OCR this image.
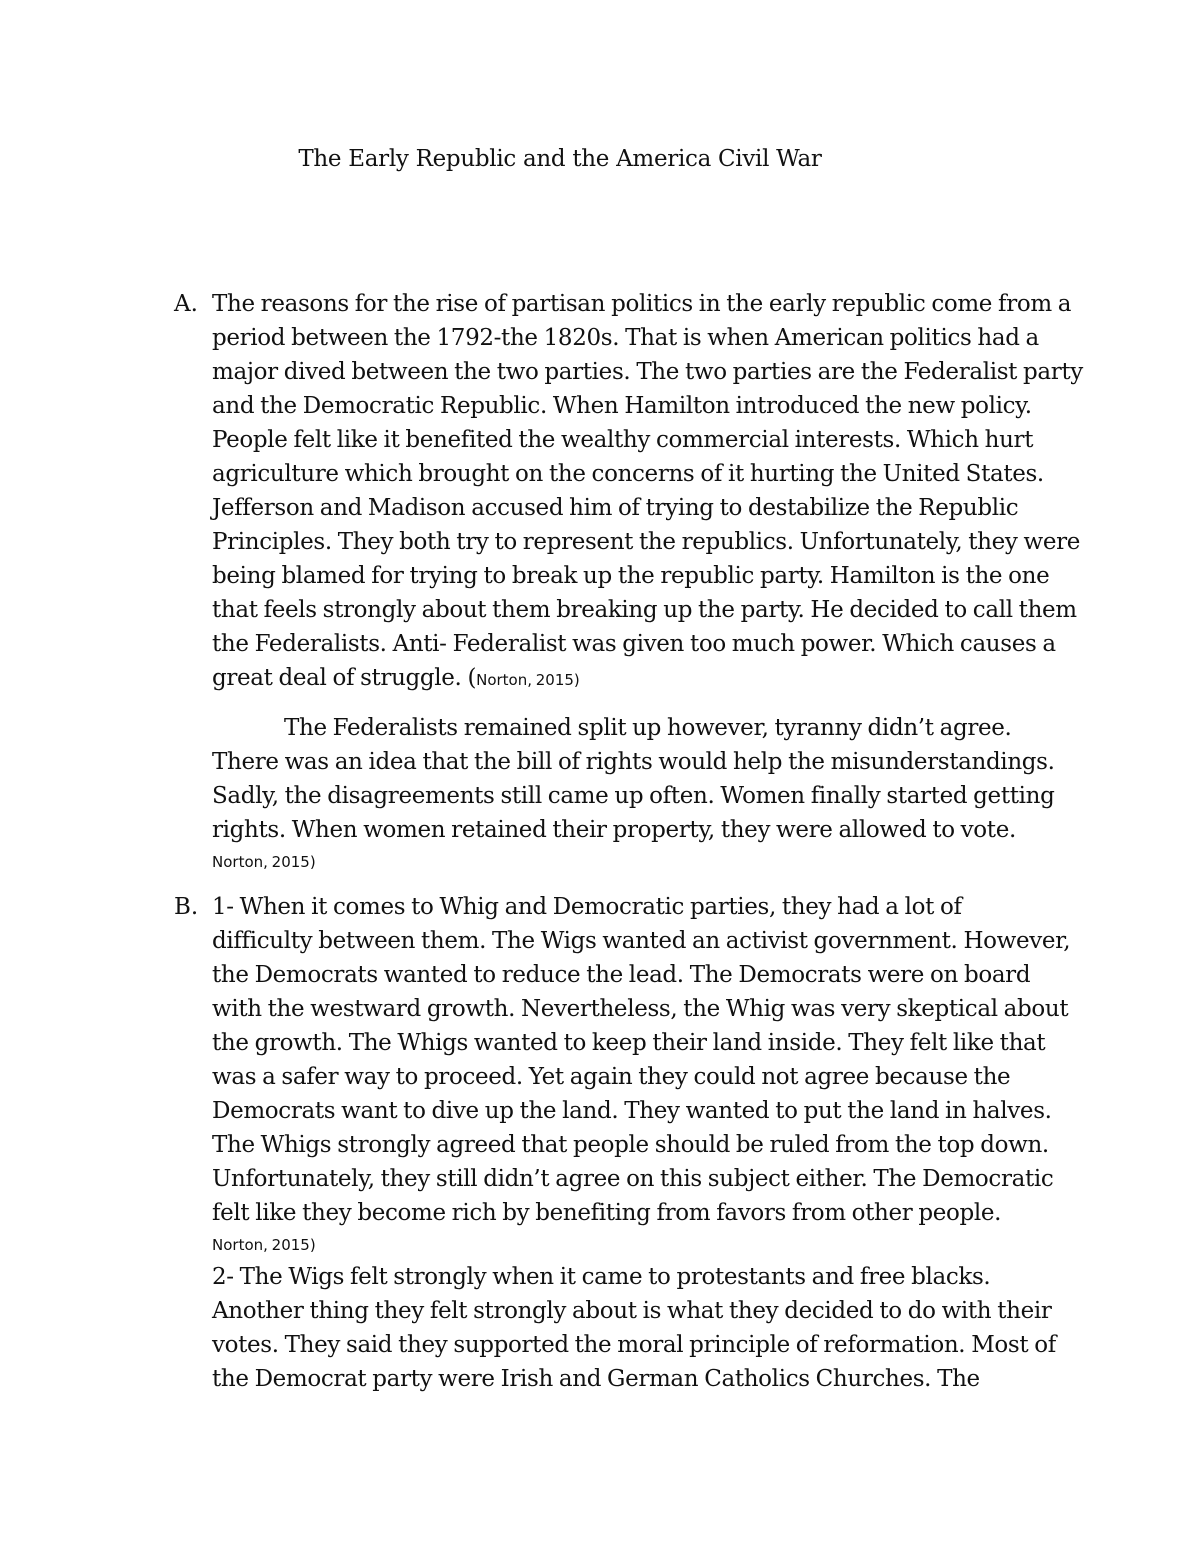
The Early Republic and the America Civil War
A. The reasons for the rise of partisan politics in the early republic come from a
period between the 1792-the 1820s. That is when American politics had a
major dived between the two parties. The two parties are the Federalist party
and the Democratic Republic. When Hamilton introduced the new policy.
People felt like it benefited the wealthy commercial interests. Which hurt
agriculture which brought on the concerns of it hurting the United States.
Jefferson and Madison accused him of trying to destabilize the Republic
Principles. They both try to represent the republics. Unfortunately, they were
being blamed for trying to break up the republic party. Hamilton is the one
that feels strongly about them breaking up the party. He decided to call them
the Federalists. Anti- Federalist was given too much power. Which causes a
great deal of struggle. (Norton, 2015)
The Federalists remained split up however, tyranny didn’t agree.
There was an idea that the bill of rights would help the misunderstandings.
Sadly, the disagreements still came up often. Women finally started getting
rights. When women retained their property, they were allowed to vote.
Norton, 2015)
B. 1- When it comes to Whig and Democratic parties, they had a lot of
difficulty between them. The Wigs wanted an activist government. However,
the Democrats wanted to reduce the lead. The Democrats were on board
with the westward growth. Nevertheless, the Whig was very skeptical about
the growth. The Whigs wanted to keep their land inside. They felt like that
was a safer way to proceed. Yet again they could not agree because the
Democrats want to dive up the land. They wanted to put the land in halves.
The Whigs strongly agreed that people should be ruled from the top down.
Unfortunately, they still didn’t agree on this subject either. The Democratic
felt like they become rich by benefiting from favors from other people.
Norton, 2015)
2- The Wigs felt strongly when it came to protestants and free blacks.
Another thing they felt strongly about is what they decided to do with their
votes. They said they supported the moral principle of reformation. Most of
the Democrat party were Irish and German Catholics Churches. The
